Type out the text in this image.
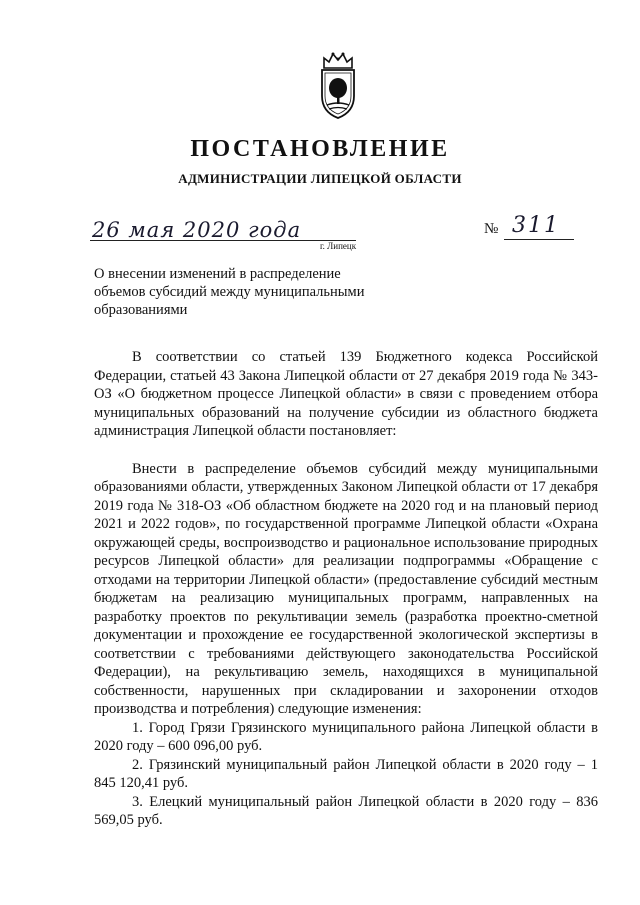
ПОСТАНОВЛЕНИЕ
АДМИНИСТРАЦИИ ЛИПЕЦКОЙ ОБЛАСТИ
26 мая 2020 года
г. Липецк
№ 311
О внесении изменений в распределение
объемов субсидий между муниципальными
образованиями

В соответствии со статьей 139 Бюджетного кодекса Российской Федерации, статьей 43 Закона Липецкой области от 27 декабря 2019 года № 343-ОЗ «О бюджетном процессе Липецкой области» в связи с проведением отбора муниципальных образований на получение субсидии из областного бюджета администрация Липецкой области постановляет:

Внести в распределение объемов субсидий между муниципальными образованиями области, утвержденных Законом Липецкой области от 17 декабря 2019 года № 318-ОЗ «Об областном бюджете на 2020 год и на плановый период 2021 и 2022 годов», по государственной программе Липецкой области «Охрана окружающей среды, воспроизводство и рациональное использование природных ресурсов Липецкой области» для реализации подпрограммы «Обращение с отходами на территории Липецкой области» (предоставление субсидий местным бюджетам на реализацию муниципальных программ, направленных на разработку проектов по рекультивации земель (разработка проектно-сметной документации и прохождение ее государственной экологической экспертизы в соответствии с требованиями действующего законодательства Российской Федерации), на рекультивацию земель, находящихся в муниципальной собственности, нарушенных при складировании и захоронении отходов производства и потребления) следующие изменения:

1. Город Грязи Грязинского муниципального района Липецкой области в 2020 году – 600 096,00 руб.

2. Грязинский муниципальный район Липецкой области в 2020 году – 1 845 120,41 руб.

3. Елецкий муниципальный район Липецкой области в 2020 году – 836 569,05 руб.
